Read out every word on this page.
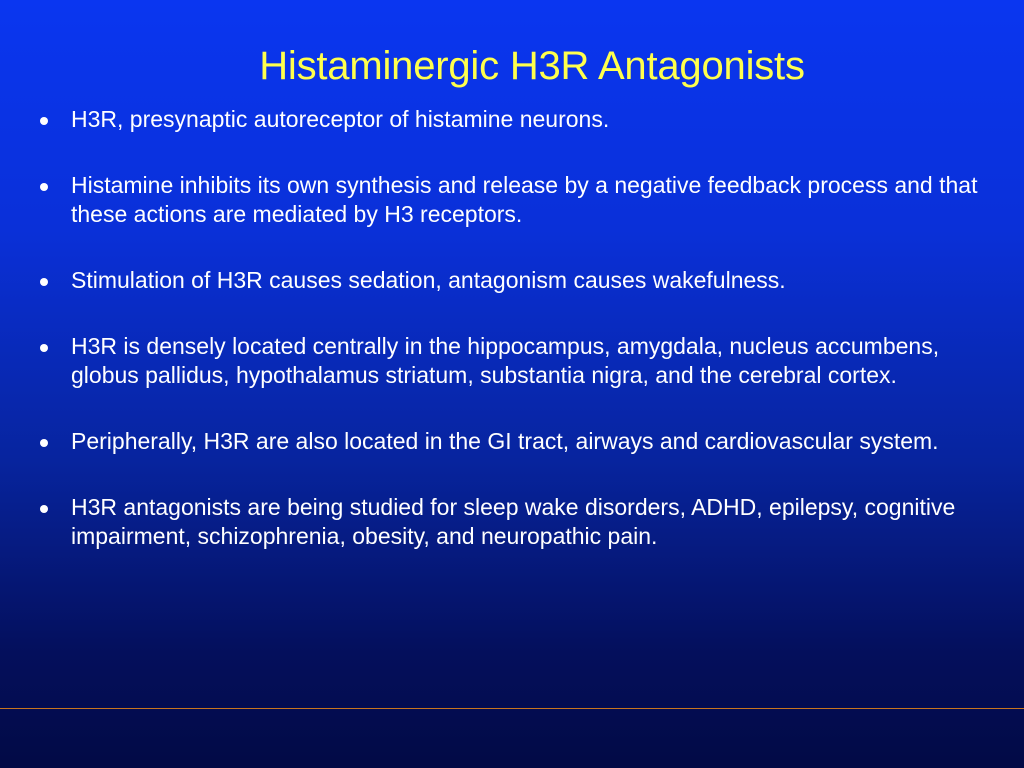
Histaminergic H3R Antagonists
H3R, presynaptic autoreceptor of histamine neurons.
Histamine inhibits its own synthesis and release by a negative feedback process and that these actions are mediated by H3 receptors.
Stimulation of H3R causes sedation, antagonism causes wakefulness.
H3R is densely located centrally in the hippocampus, amygdala, nucleus accumbens, globus pallidus, hypothalamus striatum, substantia nigra, and the cerebral cortex.
Peripherally, H3R are also located in the GI tract, airways and cardiovascular system.
H3R antagonists are being studied for sleep wake disorders, ADHD, epilepsy, cognitive impairment, schizophrenia, obesity, and neuropathic pain.
